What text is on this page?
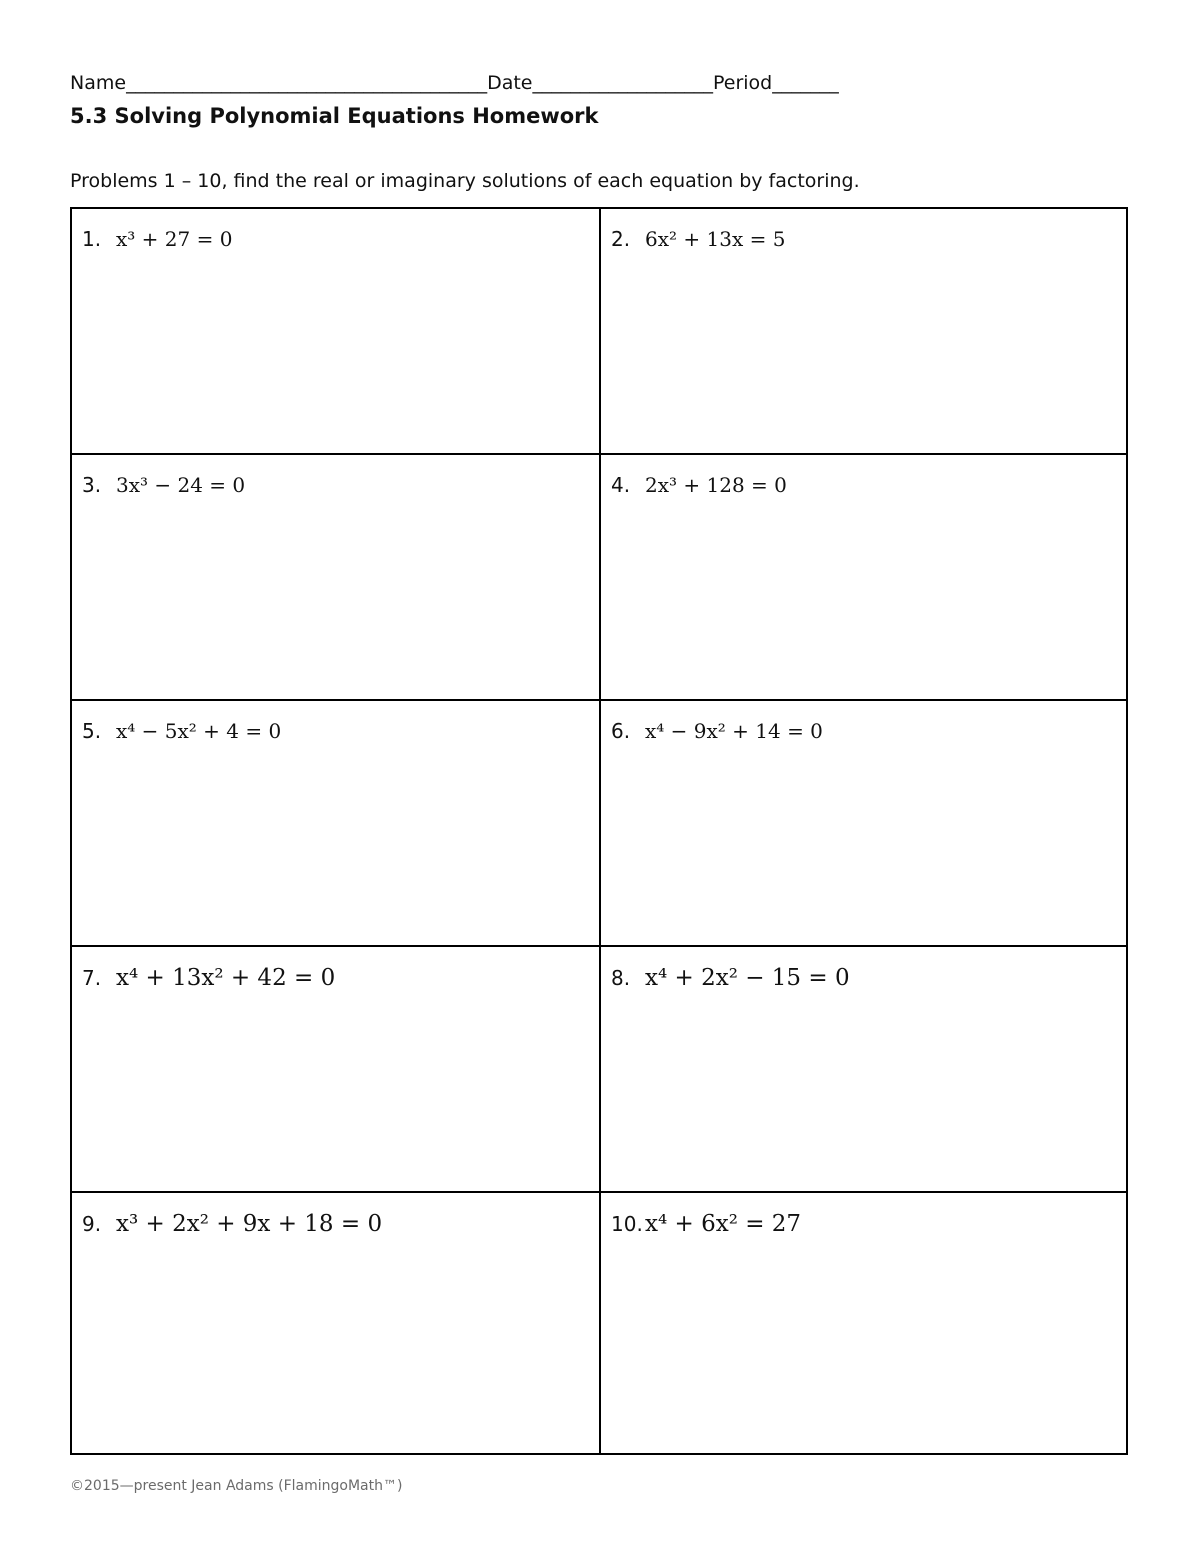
Name______________________________________Date___________________Period_______
5.3 Solving Polynomial Equations Homework
Problems 1 – 10, find the real or imaginary solutions of each equation by factoring.
1. x³ + 27 = 0	2. 6x² + 13x = 5
3. 3x³ − 24 = 0	4. 2x³ + 128 = 0
5. x⁴ − 5x² + 4 = 0	6. x⁴ − 9x² + 14 = 0
7. x⁴ + 13x² + 42 = 0	8. x⁴ + 2x² − 15 = 0
9. x³ + 2x² + 9x + 18 = 0	10.x⁴ + 6x² = 27
©2015—present Jean Adams (FlamingoMath™)
